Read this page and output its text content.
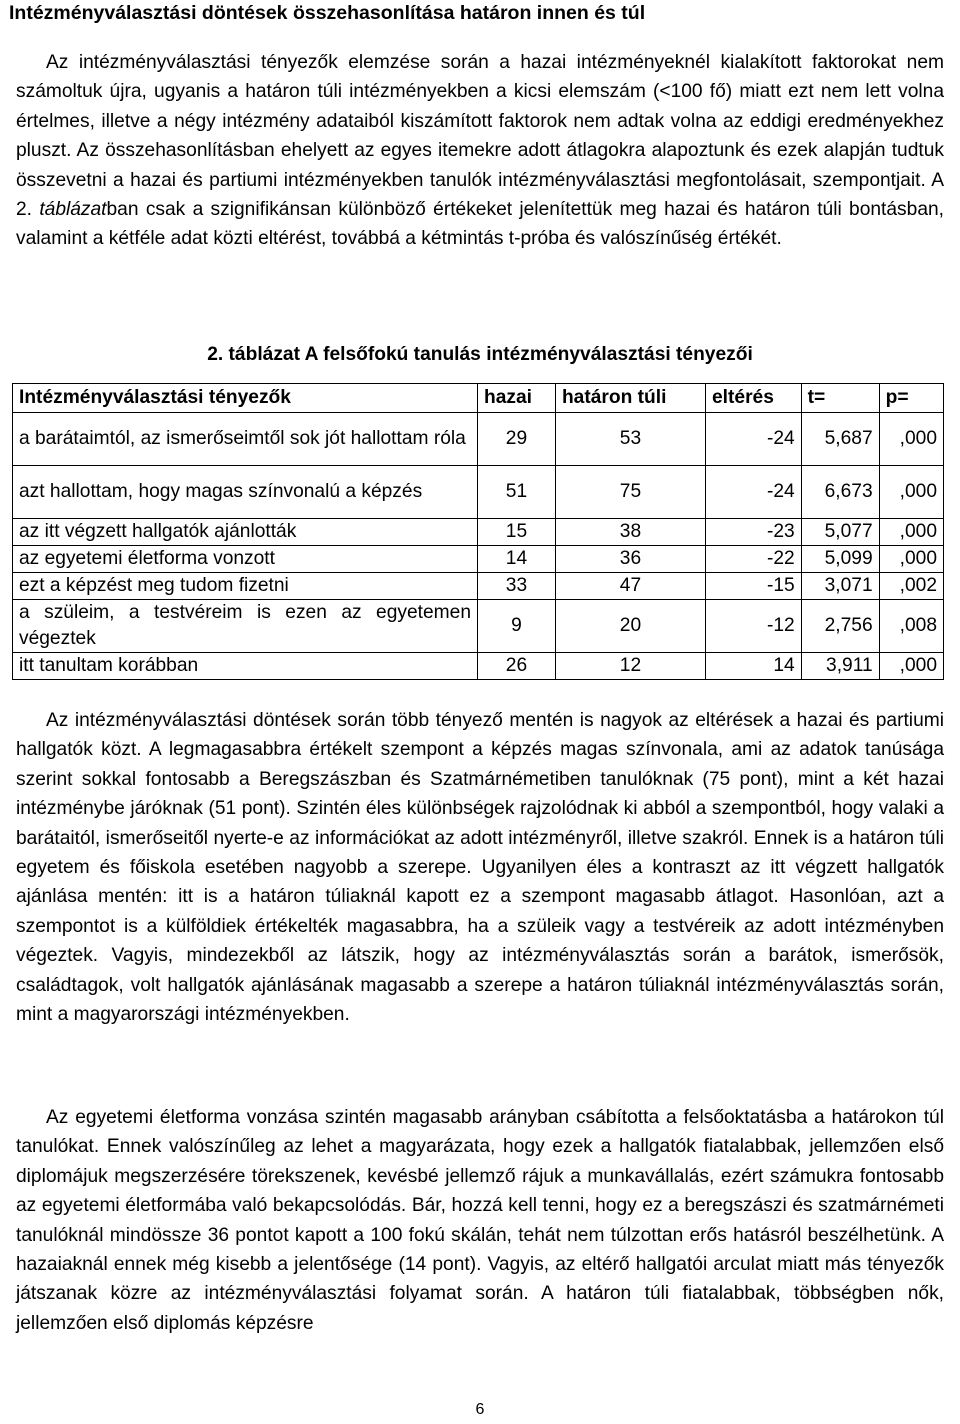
Intézményválasztási döntések összehasonlítása határon innen és túl

Az intézményválasztási tényezők elemzése során a hazai intézményeknél kialakított faktorokat nem számoltuk újra, ugyanis a határon túli intézményekben a kicsi elemszám (<100 fő) miatt ezt nem lett volna értelmes, illetve a négy intézmény adataiból kiszámított faktorok nem adtak volna az eddigi eredményekhez pluszt. Az összehasonlításban ehelyett az egyes itemekre adott átlagokra alapoztunk és ezek alapján tudtuk összevetni a hazai és partiumi intézményekben tanulók intézményválasztási megfontolásait, szempontjait. A 2. táblázatban csak a szignifikánsan különböző értékeket jelenítettük meg hazai és határon túli bontásban, valamint a kétféle adat közti eltérést, továbbá a kétmintás t-próba és valószínűség értékét.

2. táblázat A felsőfokú tanulás intézményválasztási tényezői
Intézményválasztási tényezők	hazai	határon túli	eltérés	t=	p=
a barátaimtól, az ismerőseimtől sok jót hallottam róla	29	53	-24	5,687	,000
azt hallottam, hogy magas színvonalú a képzés	51	75	-24	6,673	,000
az itt végzett hallgatók ajánlották	15	38	-23	5,077	,000
az egyetemi életforma vonzott	14	36	-22	5,099	,000
ezt a képzést meg tudom fizetni	33	47	-15	3,071	,002
a szüleim, a testvéreim is ezen az egyetemen végeztek	9	20	-12	2,756	,008
itt tanultam korábban	26	12	14	3,911	,000

Az intézményválasztási döntések során több tényező mentén is nagyok az eltérések a hazai és partiumi hallgatók közt. A legmagasabbra értékelt szempont a képzés magas színvonala, ami az adatok tanúsága szerint sokkal fontosabb a Beregszászban és Szatmárnémetiben tanulóknak (75 pont), mint a két hazai intézménybe járóknak (51 pont). Szintén éles különbségek rajzolódnak ki abból a szempontból, hogy valaki a barátaitól, ismerőseitől nyerte-e az információkat az adott intézményről, illetve szakról. Ennek is a határon túli egyetem és főiskola esetében nagyobb a szerepe. Ugyanilyen éles a kontraszt az itt végzett hallgatók ajánlása mentén: itt is a határon túliaknál kapott ez a szempont magasabb átlagot. Hasonlóan, azt a szempontot is a külföldiek értékelték magasabbra, ha a szüleik vagy a testvéreik az adott intézményben végeztek. Vagyis, mindezekből az látszik, hogy az intézményválasztás során a barátok, ismerősök, családtagok, volt hallgatók ajánlásának magasabb a szerepe a határon túliaknál intézményválasztás során, mint a magyarországi intézményekben.

Az egyetemi életforma vonzása szintén magasabb arányban csábította a felsőoktatásba a határokon túl tanulókat. Ennek valószínűleg az lehet a magyarázata, hogy ezek a hallgatók fiatalabbak, jellemzően első diplomájuk megszerzésére törekszenek, kevésbé jellemző rájuk a munkavállalás, ezért számukra fontosabb az egyetemi életformába való bekapcsolódás. Bár, hozzá kell tenni, hogy ez a beregszászi és szatmárnémeti tanulóknál mindössze 36 pontot kapott a 100 fokú skálán, tehát nem túlzottan erős hatásról beszélhetünk. A hazaiaknál ennek még kisebb a jelentősége (14 pont). Vagyis, az eltérő hallgatói arculat miatt más tényezők játszanak közre az intézményválasztási folyamat során. A határon túli fiatalabbak, többségben nők, jellemzően első diplomás képzésre

6
